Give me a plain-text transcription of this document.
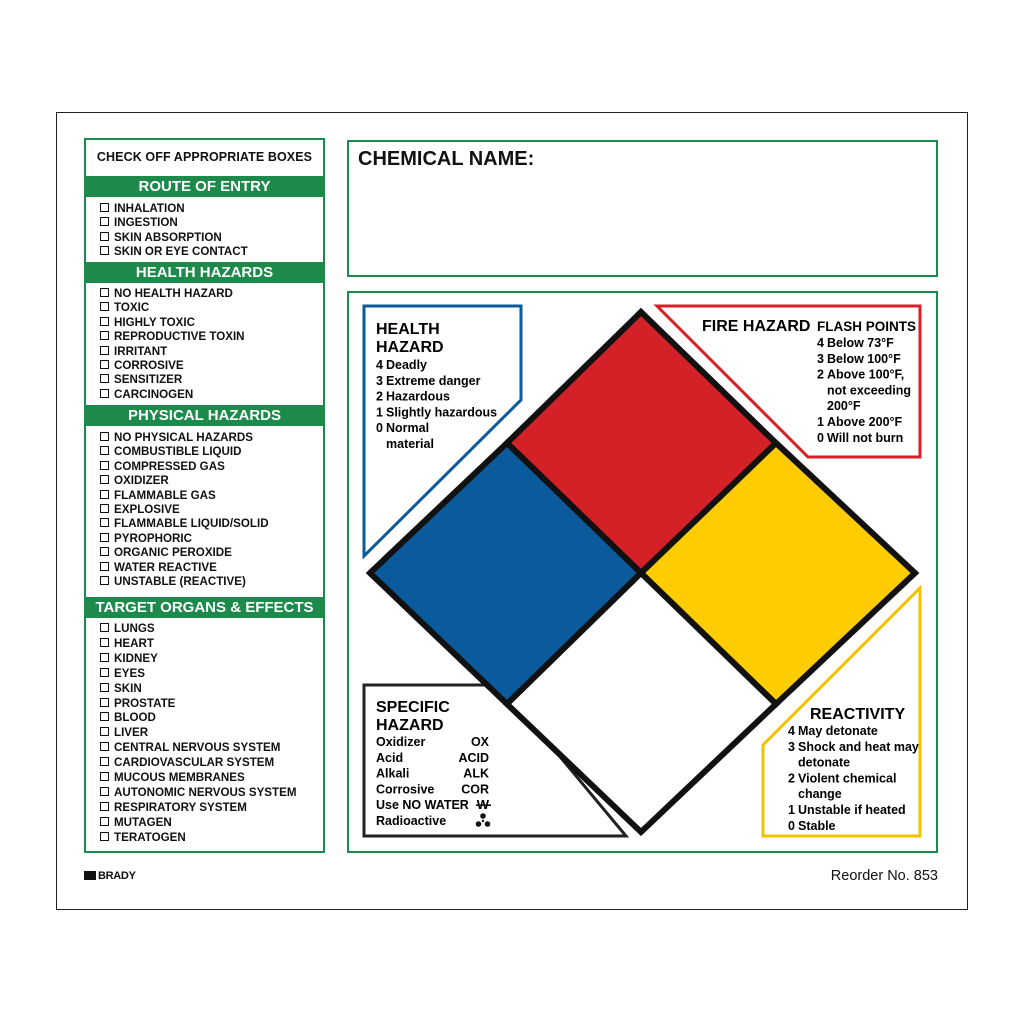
CHECK OFF APPROPRIATE BOXES
ROUTE OF ENTRY
INHALATION
INGESTION
SKIN ABSORPTION
SKIN OR EYE CONTACT
HEALTH HAZARDS
NO HEALTH HAZARD
TOXIC
HIGHLY TOXIC
REPRODUCTIVE TOXIN
IRRITANT
CORROSIVE
SENSITIZER
CARCINOGEN
PHYSICAL HAZARDS
NO PHYSICAL HAZARDS
COMBUSTIBLE LIQUID
COMPRESSED GAS
OXIDIZER
FLAMMABLE GAS
EXPLOSIVE
FLAMMABLE LIQUID/SOLID
PYROPHORIC
ORGANIC PEROXIDE
WATER REACTIVE
UNSTABLE (REACTIVE)
TARGET ORGANS & EFFECTS
LUNGS
HEART
KIDNEY
EYES
SKIN
PROSTATE
BLOOD
LIVER
CENTRAL NERVOUS SYSTEM
CARDIOVASCULAR SYSTEM
MUCOUS MEMBRANES
AUTONOMIC NERVOUS SYSTEM
RESPIRATORY SYSTEM
MUTAGEN
TERATOGEN
CHEMICAL NAME:
HEALTH
HAZARD
4 Deadly
3 Extreme danger
2 Hazardous
1 Slightly hazardous
0 Normal
material
FIRE HAZARD FLASH POINTS
4 Below 73°F
3 Below 100°F
2 Above 100°F,
not exceeding
200°F
1 Above 200°F
0 Will not burn
REACTIVITY
4 May detonate
3 Shock and heat may
detonate
2 Violent chemical
change
1 Unstable if heated
0 Stable
SPECIFIC
HAZARD
Oxidizer	OX
Acid	ACID
Alkali	ALK
Corrosive COR
Use NO WATER W
Radioactive
BRADY	Reorder No. 853
